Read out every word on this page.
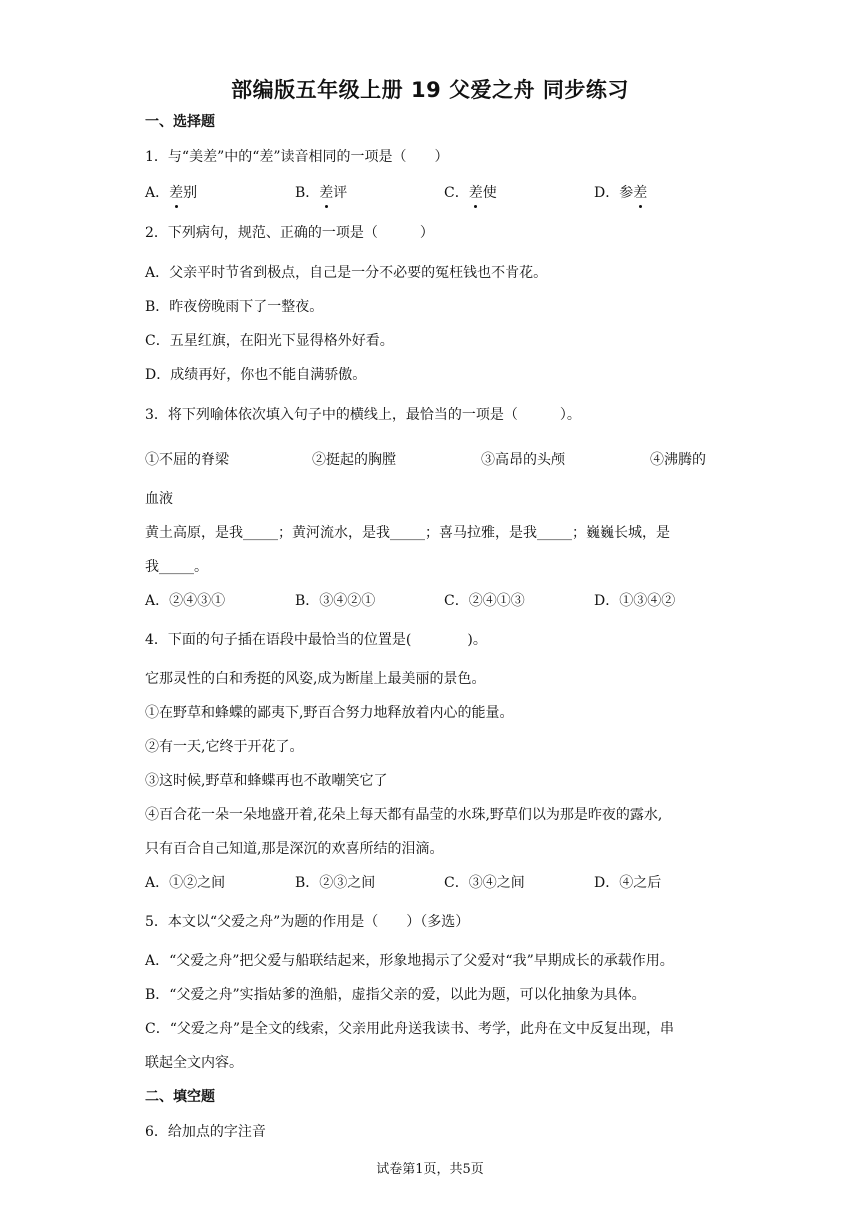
部编版五年级上册 19 父爱之舟 同步练习
一、选择题
1．与“美差”中的“差”读音相同的一项是（　　）
A．差别	B．差评	C．差使	D．参差
2．下列病句，规范、正确的一项是（　　　）
A．父亲平时节省到极点，自己是一分不必要的冤枉钱也不肯花。
B．昨夜傍晚雨下了一整夜。
C．五星红旗，在阳光下显得格外好看。
D．成绩再好，你也不能自满骄傲。
3．将下列喻体依次填入句子中的横线上，最恰当的一项是（　　　）。
①不屈的脊梁	②挺起的胸膛	③高昂的头颅	④沸腾的
血液
黄土高原，是我_____；黄河流水，是我_____；喜马拉雅，是我_____；巍巍长城，是
我_____。
A．②④③①	B．③④②①	C．②④①③	D．①③④②
4．下面的句子插在语段中最恰当的位置是(　　　　)。
它那灵性的白和秀挺的风姿,成为断崖上最美丽的景色。
①在野草和蜂蝶的鄙夷下,野百合努力地释放着内心的能量。
②有一天,它终于开花了。
③这时候,野草和蜂蝶再也不敢嘲笑它了
④百合花一朵一朵地盛开着,花朵上每天都有晶莹的水珠,野草们以为那是昨夜的露水,
只有百合自己知道,那是深沉的欢喜所结的泪滴。
A．①②之间	B．②③之间	C．③④之间	D．④之后
5．本文以“父爱之舟”为题的作用是（　　）（多选）
A．“父爱之舟”把父爱与船联结起来，形象地揭示了父爱对“我”早期成长的承载作用。
B．“父爱之舟”实指姑爹的渔船，虚指父亲的爱，以此为题，可以化抽象为具体。
C．“父爱之舟”是全文的线索，父亲用此舟送我读书、考学，此舟在文中反复出现，串
联起全文内容。
二、填空题
6．给加点的字注音
试卷第1页，共5页
